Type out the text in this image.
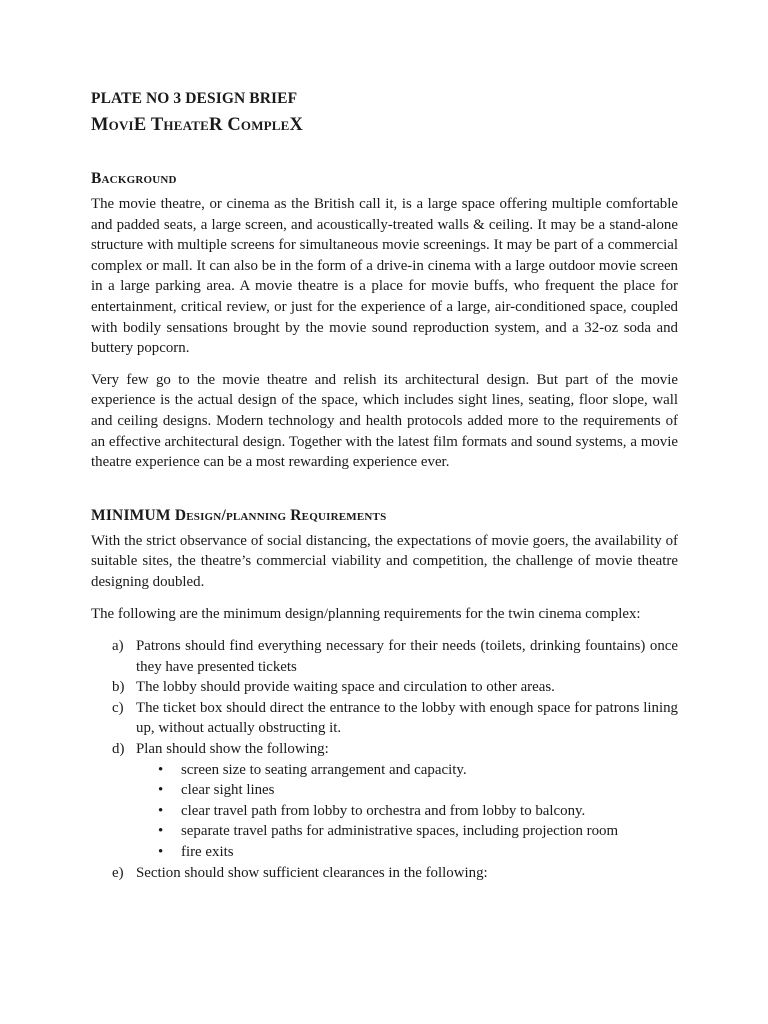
PLATE NO 3 DESIGN BRIEF
MoviE TheateR CompleX
Background

The movie theatre, or cinema as the British call it, is a large space offering multiple comfortable and padded seats, a large screen, and acoustically-treated walls & ceiling. It may be a stand-alone structure with multiple screens for simultaneous movie screenings. It may be part of a commercial complex or mall. It can also be in the form of a drive-in cinema with a large outdoor movie screen in a large parking area. A movie theatre is a place for movie buffs, who frequent the place for entertainment, critical review, or just for the experience of a large, air-conditioned space, coupled with bodily sensations brought by the movie sound reproduction system, and a 32-oz soda and buttery popcorn.

Very few go to the movie theatre and relish its architectural design. But part of the movie experience is the actual design of the space, which includes sight lines, seating, floor slope, wall and ceiling designs. Modern technology and health protocols added more to the requirements of an effective architectural design. Together with the latest film formats and sound systems, a movie theatre experience can be a most rewarding experience ever.

MINIMUM Design/planning Requirements

With the strict observance of social distancing, the expectations of movie goers, the availability of suitable sites, the theatre’s commercial viability and competition, the challenge of movie theatre designing doubled.

The following are the minimum design/planning requirements for the twin cinema complex:

a) Patrons should find everything necessary for their needs (toilets, drinking fountains) once they have presented tickets
b) The lobby should provide waiting space and circulation to other areas.
c) The ticket box should direct the entrance to the lobby with enough space for patrons lining up, without actually obstructing it.
d) Plan should show the following:
• screen size to seating arrangement and capacity.
• clear sight lines
• clear travel path from lobby to orchestra and from lobby to balcony.
• separate travel paths for administrative spaces, including projection room
• fire exits
e) Section should show sufficient clearances in the following:
